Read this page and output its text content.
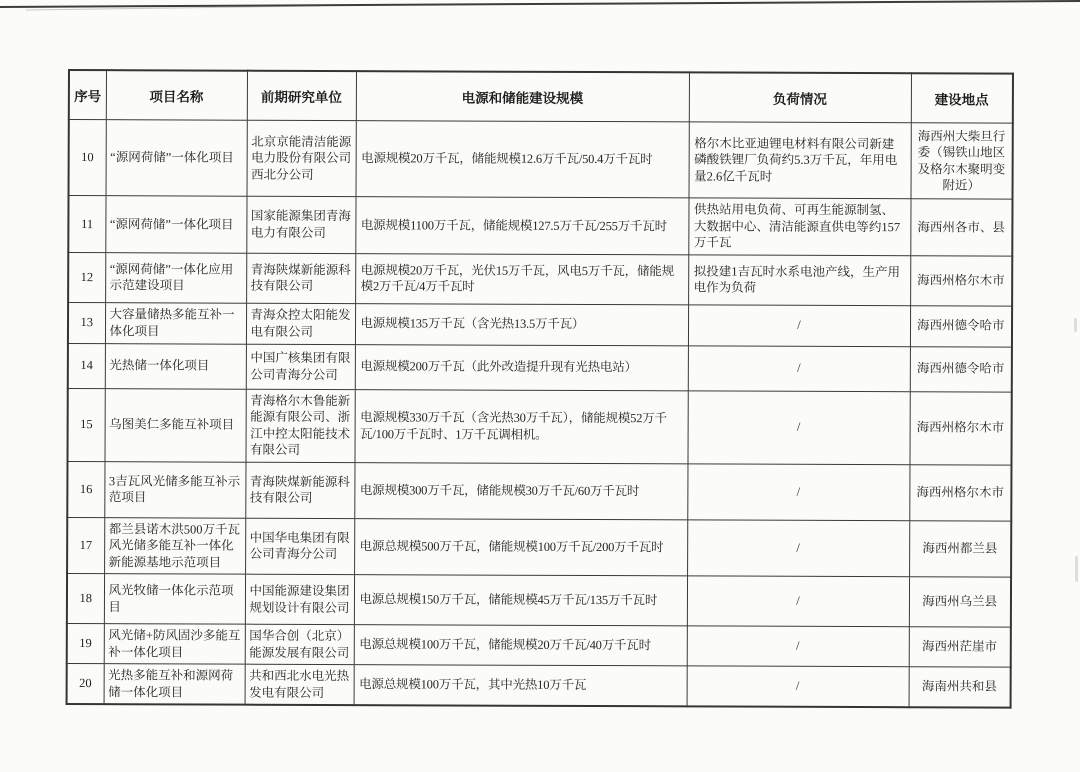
序号	项目名称	前期研究单位	电源和储能建设规模	负荷情况	建设地点
10	“源网荷储”一体化项目	北京京能清洁能源电力股份有限公司西北分公司	电源规模20万千瓦，储能规模12.6万千瓦/50.4万千瓦时	格尔木比亚迪锂电材料有限公司新建磷酸铁锂厂负荷约5.3万千瓦，年用电量2.6亿千瓦时	海西州大柴旦行委（锡铁山地区及格尔木聚明变附近）
11	“源网荷储”一体化项目	国家能源集团青海电力有限公司	电源规模1100万千瓦，储能规模127.5万千瓦/255万千瓦时	供热站用电负荷、可再生能源制氢、大数据中心、清洁能源直供电等约157万千瓦	海西州各市、县
12	“源网荷储”一体化应用示范建设项目	青海陕煤新能源科技有限公司	电源规模20万千瓦，光伏15万千瓦，风电5万千瓦，储能规模2万千瓦/4万千瓦时	拟投建1吉瓦时水系电池产线，生产用电作为负荷	海西州格尔木市
13	大容量储热多能互补一体化项目	青海众控太阳能发电有限公司	电源规模135万千瓦（含光热13.5万千瓦）	/	海西州德令哈市
14	光热储一体化项目	中国广核集团有限公司青海分公司	电源规模200万千瓦（此外改造提升现有光热电站）	/	海西州德令哈市
15	乌图美仁多能互补项目	青海格尔木鲁能新能源有限公司、浙江中控太阳能技术有限公司	电源规模330万千瓦（含光热30万千瓦），储能规模52万千瓦/100万千瓦时、1万千瓦调相机。	/	海西州格尔木市
16	3吉瓦风光储多能互补示范项目	青海陕煤新能源科技有限公司	电源规模300万千瓦，储能规模30万千瓦/60万千瓦时	/	海西州格尔木市
17	都兰县诺木洪500万千瓦风光储多能互补一体化新能源基地示范项目	中国华电集团有限公司青海分公司	电源总规模500万千瓦，储能规模100万千瓦/200万千瓦时	/	海西州都兰县
18	风光牧储一体化示范项目	中国能源建设集团规划设计有限公司	电源总规模150万千瓦，储能规模45万千瓦/135万千瓦时	/	海西州乌兰县
19	风光储+防风固沙多能互补一体化项目	国华合创（北京）能源发展有限公司	电源总规模100万千瓦，储能规模20万千瓦/40万千瓦时	/	海西州茫崖市
20	光热多能互补和源网荷储一体化项目	共和西北水电光热发电有限公司	电源总规模100万千瓦，其中光热10万千瓦	/	海南州共和县
